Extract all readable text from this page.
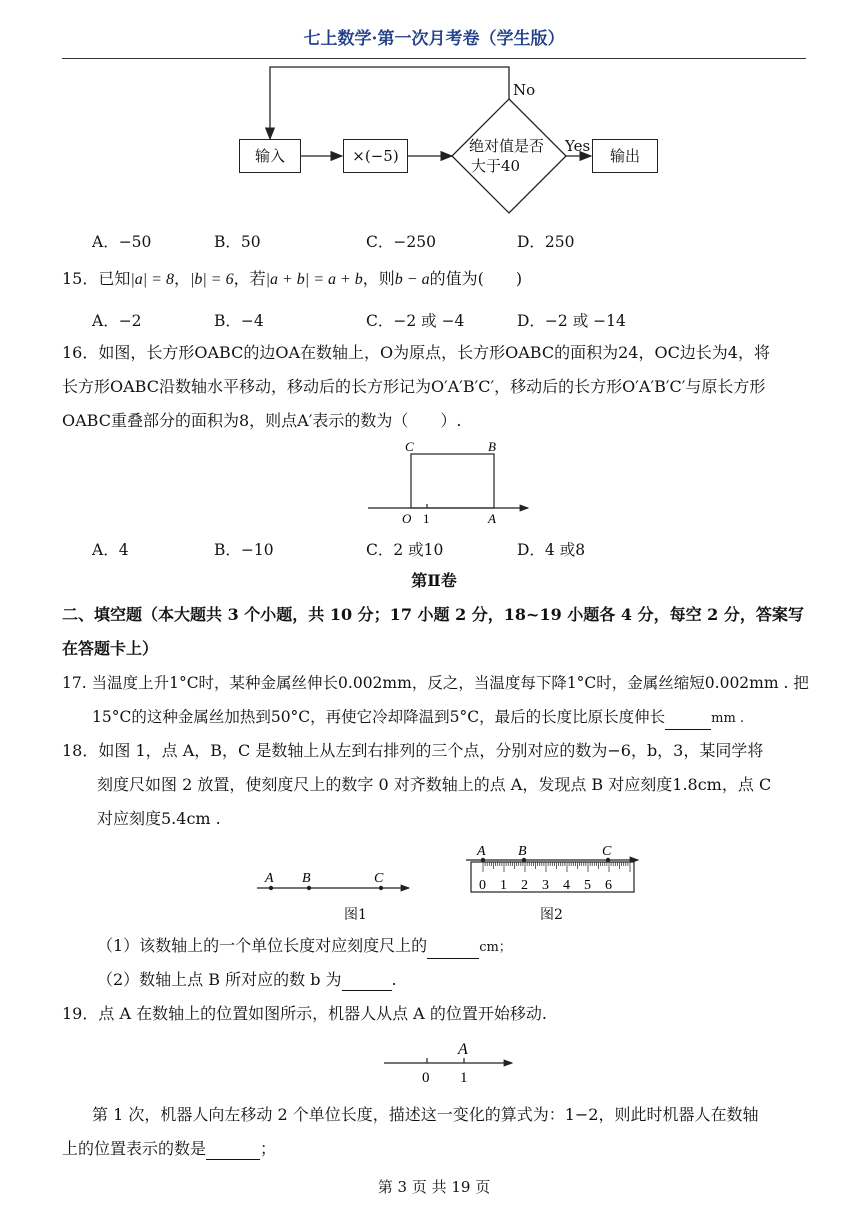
七上数学·第一次月考卷（学生版）
输入	×(−5)
绝对值是否
大于40
Yes
No
输出
A．−50	B．50	C．−250	D．250
15．已知|a| = 8，|b| = 6，若|a + b| = a + b，则b − a的值为(　　)
A．−2	B．−4	C．−2 或 −4	D．−2 或 −14
16．如图，长方形OABC的边OA在数轴上，O为原点，长方形OABC的面积为24，OC边长为4，将
长方形OABC沿数轴水平移动，移动后的长方形记为O′A′B′C′，移动后的长方形O′A′B′C′与原长方形
OABC重叠部分的面积为8，则点A′表示的数为（　　）.
C	B
O 1	A
A．4	B．−10	C．2 或10	D．4 或8
第Ⅱ卷
二、填空题（本大题共 3 个小题，共 10 分；17 小题 2 分，18~19 小题各 4 分，每空 2 分，答案写
在答题卡上）
17. 当温度上升1°C时，某种金属丝伸长0.002mm，反之，当温度每下降1°C时，金属丝缩短0.002mm . 把
15°C的这种金属丝加热到50°C，再使它冷却降温到5°C，最后的长度比原长度伸长	mm .
18．如图 1，点 A，B，C 是数轴上从左到右排列的三个点，分别对应的数为−6，b，3，某同学将
刻度尺如图 2 放置，使刻度尺上的数字 0 对齐数轴上的点 A，发现点 B 对应刻度1.8cm，点 C
对应刻度5.4cm .
A B	C
图1
0 1 2 3 4 5 6
A B	C
图2
（1）该数轴上的一个单位长度对应刻度尺上的	cm；
（2）数轴上点 B 所对应的数 b 为	.
19．点 A 在数轴上的位置如图所示，机器人从点 A 的位置开始移动.
A
0 1
第 1 次，机器人向左移动 2 个单位长度，描述这一变化的算式为：1−2，则此时机器人在数轴
上的位置表示的数是	；
第 3 页 共 19 页
